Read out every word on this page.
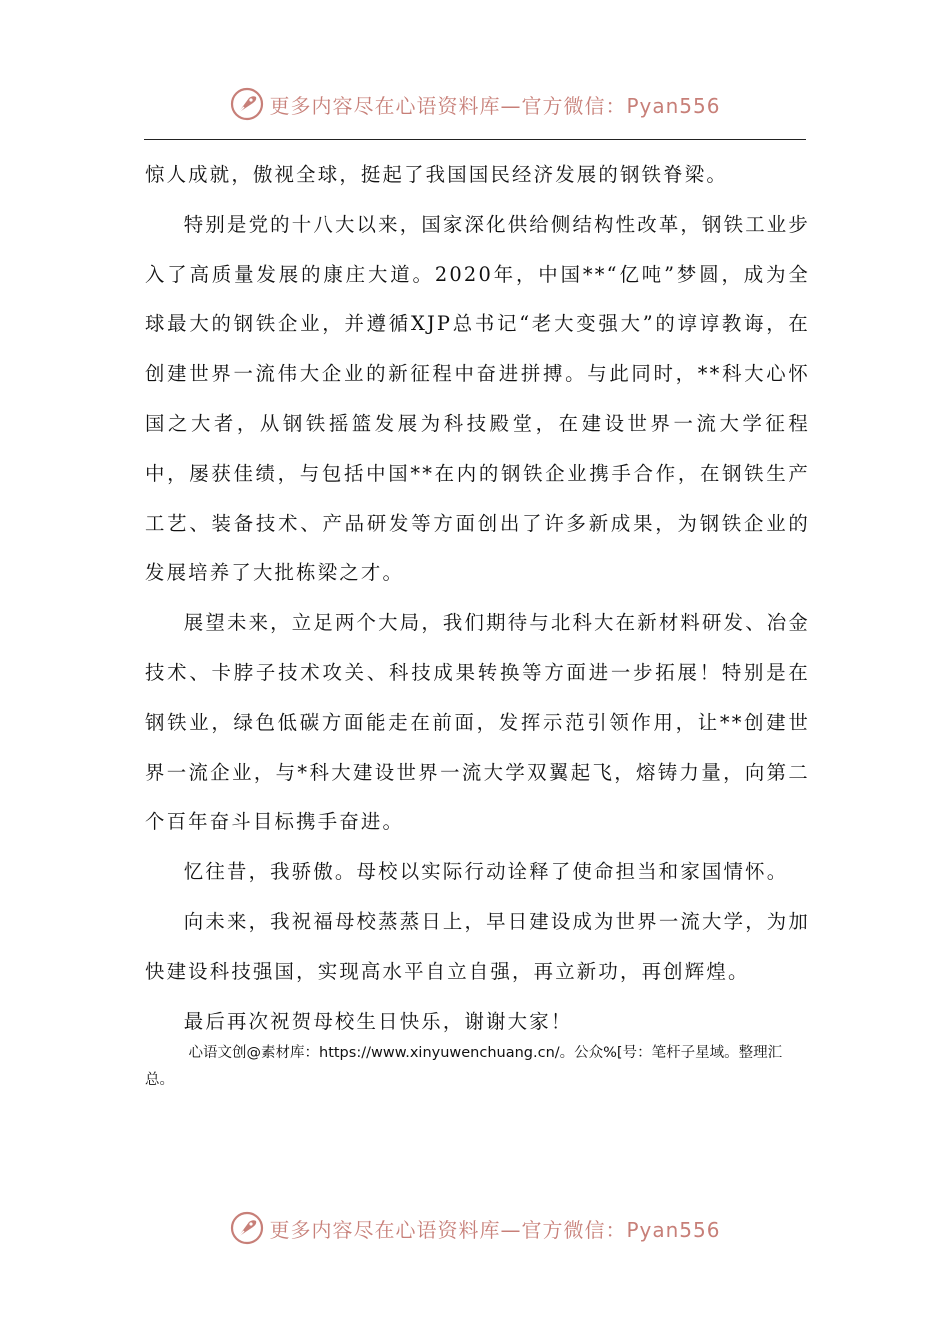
更多内容尽在心语资料库—官方微信：Pyan556

惊人成就，傲视全球，挺起了我国国民经济发展的钢铁脊梁。

特别是党的十八大以来，国家深化供给侧结构性改革，钢铁工业步入了高质量发展的康庄大道。2020年，中国**“亿吨”梦圆，成为全球最大的钢铁企业，并遵循XJP总书记“老大变强大”的谆谆教诲，在创建世界一流伟大企业的新征程中奋进拼搏。与此同时，**科大心怀国之大者，从钢铁摇篮发展为科技殿堂，在建设世界一流大学征程中，屡获佳绩，与包括中国**在内的钢铁企业携手合作，在钢铁生产工艺、装备技术、产品研发等方面创出了许多新成果，为钢铁企业的发展培养了大批栋梁之才。

展望未来，立足两个大局，我们期待与北科大在新材料研发、冶金技术、卡脖子技术攻关、科技成果转换等方面进一步拓展！特别是在钢铁业，绿色低碳方面能走在前面，发挥示范引领作用，让**创建世界一流企业，与*科大建设世界一流大学双翼起飞，熔铸力量，向第二个百年奋斗目标携手奋进。

忆往昔，我骄傲。母校以实际行动诠释了使命担当和家国情怀。

向未来，我祝福母校蒸蒸日上，早日建设成为世界一流大学，为加快建设科技强国，实现高水平自立自强，再立新功，再创辉煌。

最后再次祝贺母校生日快乐，谢谢大家！

心语文创@素材库：https://www.xinyuwenchuang.cn/。公众%[号：笔杆子星域。整理汇总。
更多内容尽在心语资料库—官方微信：Pyan556
